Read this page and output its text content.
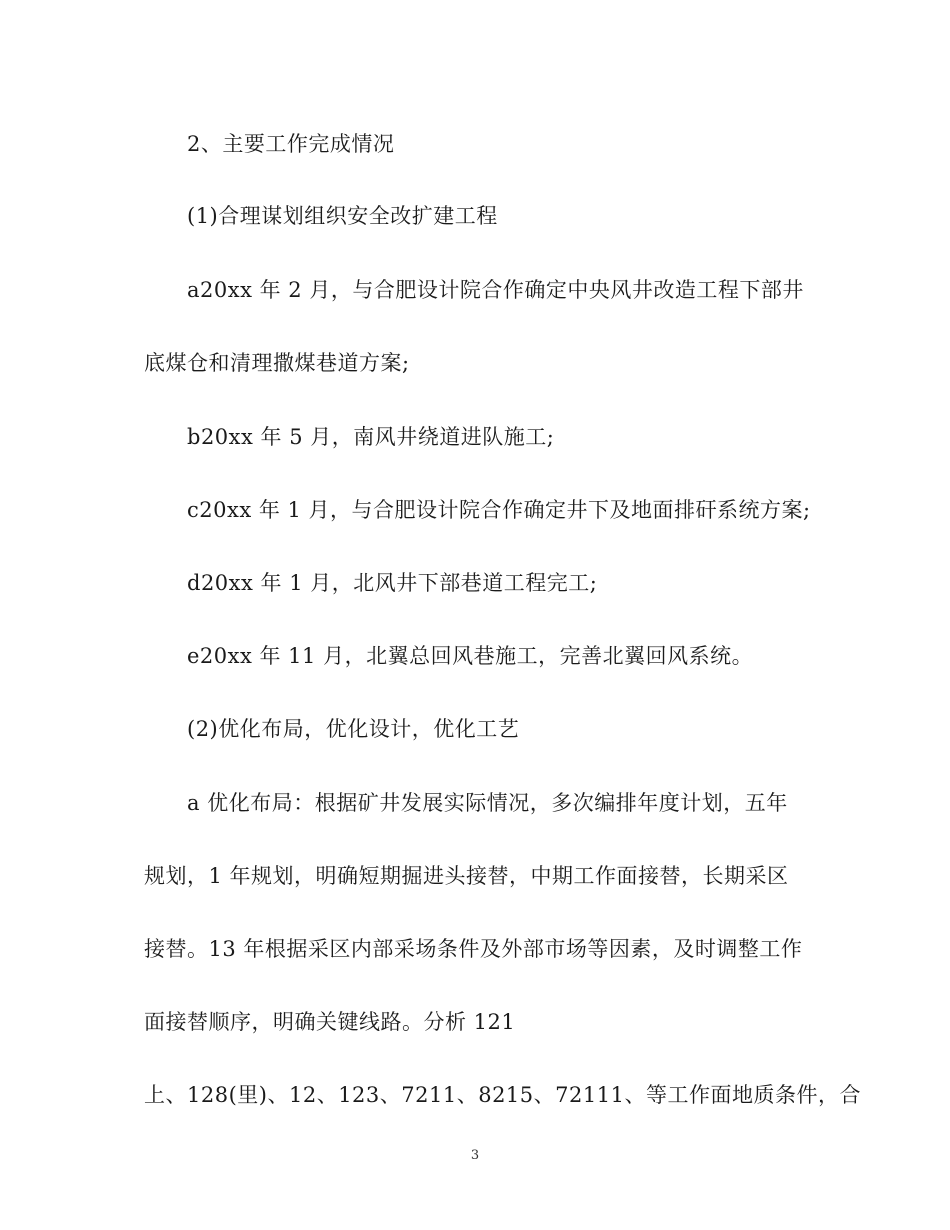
2、主要工作完成情况
(1)合理谋划组织安全改扩建工程
a20xx 年 2 月，与合肥设计院合作确定中央风井改造工程下部井
底煤仓和清理撒煤巷道方案;
b20xx 年 5 月，南风井绕道进队施工;
c20xx 年 1 月，与合肥设计院合作确定井下及地面排矸系统方案;
d20xx 年 1 月，北风井下部巷道工程完工;
e20xx 年 11 月，北翼总回风巷施工，完善北翼回风系统。
(2)优化布局，优化设计，优化工艺
a 优化布局：根据矿井发展实际情况，多次编排年度计划，五年
规划，1 年规划，明确短期掘进头接替，中期工作面接替，长期采区
接替。13 年根据采区内部采场条件及外部市场等因素，及时调整工作
面接替顺序，明确关键线路。分析 121
上、128(里)、12、123、7211、8215、72111、等工作面地质条件，合
3
